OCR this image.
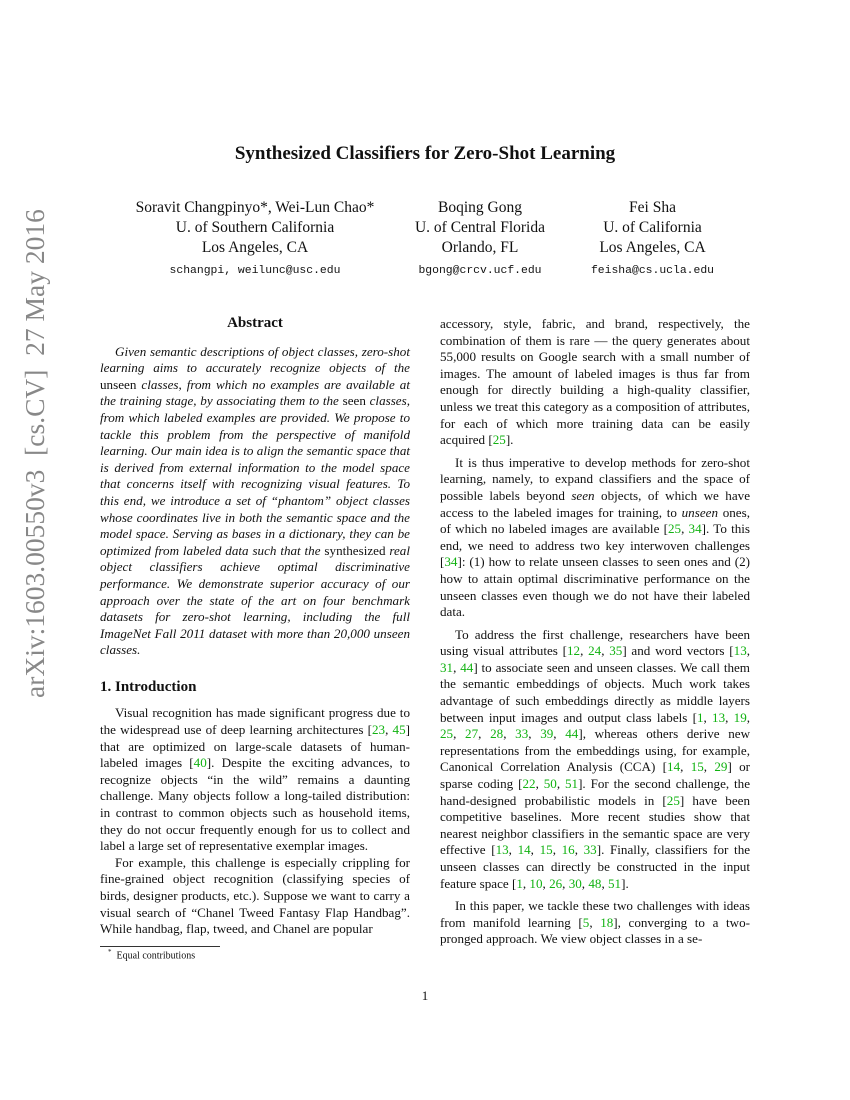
arXiv:1603.00550v3  [cs.CV]  27 May 2016
Synthesized Classifiers for Zero-Shot Learning
Soravit Changpinyo*, Wei-Lun Chao*
U. of Southern California
Los Angeles, CA
schangpi, weilunc@usc.edu
Boqing Gong
U. of Central Florida
Orlando, FL
bgong@crcv.ucf.edu
Fei Sha
U. of California
Los Angeles, CA
feisha@cs.ucla.edu
Abstract

Given semantic descriptions of object classes, zero-shot learning aims to accurately recognize objects of the unseen classes, from which no examples are available at the training stage, by associating them to the seen classes, from which labeled examples are provided. We propose to tackle this problem from the perspective of manifold learning. Our main idea is to align the semantic space that is derived from external information to the model space that concerns itself with recognizing visual features. To this end, we introduce a set of “phantom” object classes whose coordinates live in both the semantic space and the model space. Serving as bases in a dictionary, they can be optimized from labeled data such that the synthesized real object classifiers achieve optimal discriminative performance. We demonstrate superior accuracy of our approach over the state of the art on four benchmark datasets for zero-shot learning, including the full ImageNet Fall 2011 dataset with more than 20,000 unseen classes.

1. Introduction

Visual recognition has made significant progress due to the widespread use of deep learning architectures [23, 45] that are optimized on large-scale datasets of human-labeled images [40]. Despite the exciting advances, to recognize objects “in the wild” remains a daunting challenge. Many objects follow a long-tailed distribution: in contrast to common objects such as household items, they do not occur frequently enough for us to collect and label a large set of representative exemplar images.

For example, this challenge is especially crippling for fine-grained object recognition (classifying species of birds, designer products, etc.). Suppose we want to carry a visual search of “Chanel Tweed Fantasy Flap Handbag”. While handbag, flap, tweed, and Chanel are popular

accessory, style, fabric, and brand, respectively, the combination of them is rare — the query generates about 55,000 results on Google search with a small number of images. The amount of labeled images is thus far from enough for directly building a high-quality classifier, unless we treat this category as a composition of attributes, for each of which more training data can be easily acquired [25].

It is thus imperative to develop methods for zero-shot learning, namely, to expand classifiers and the space of possible labels beyond seen objects, of which we have access to the labeled images for training, to unseen ones, of which no labeled images are available [25, 34]. To this end, we need to address two key interwoven challenges [34]: (1) how to relate unseen classes to seen ones and (2) how to attain optimal discriminative performance on the unseen classes even though we do not have their labeled data.

To address the first challenge, researchers have been using visual attributes [12, 24, 35] and word vectors [13, 31, 44] to associate seen and unseen classes. We call them the semantic embeddings of objects. Much work takes advantage of such embeddings directly as middle layers between input images and output class labels [1, 13, 19, 25, 27, 28, 33, 39, 44], whereas others derive new representations from the embeddings using, for example, Canonical Correlation Analysis (CCA) [14, 15, 29] or sparse coding [22, 50, 51]. For the second challenge, the hand-designed probabilistic models in [25] have been competitive baselines. More recent studies show that nearest neighbor classifiers in the semantic space are very effective [13, 14, 15, 16, 33]. Finally, classifiers for the unseen classes can directly be constructed in the input feature space [1, 10, 26, 30, 48, 51].

In this paper, we tackle these two challenges with ideas from manifold learning [5, 18], converging to a two-pronged approach. We view object classes in a se-

* Equal contributions
1
